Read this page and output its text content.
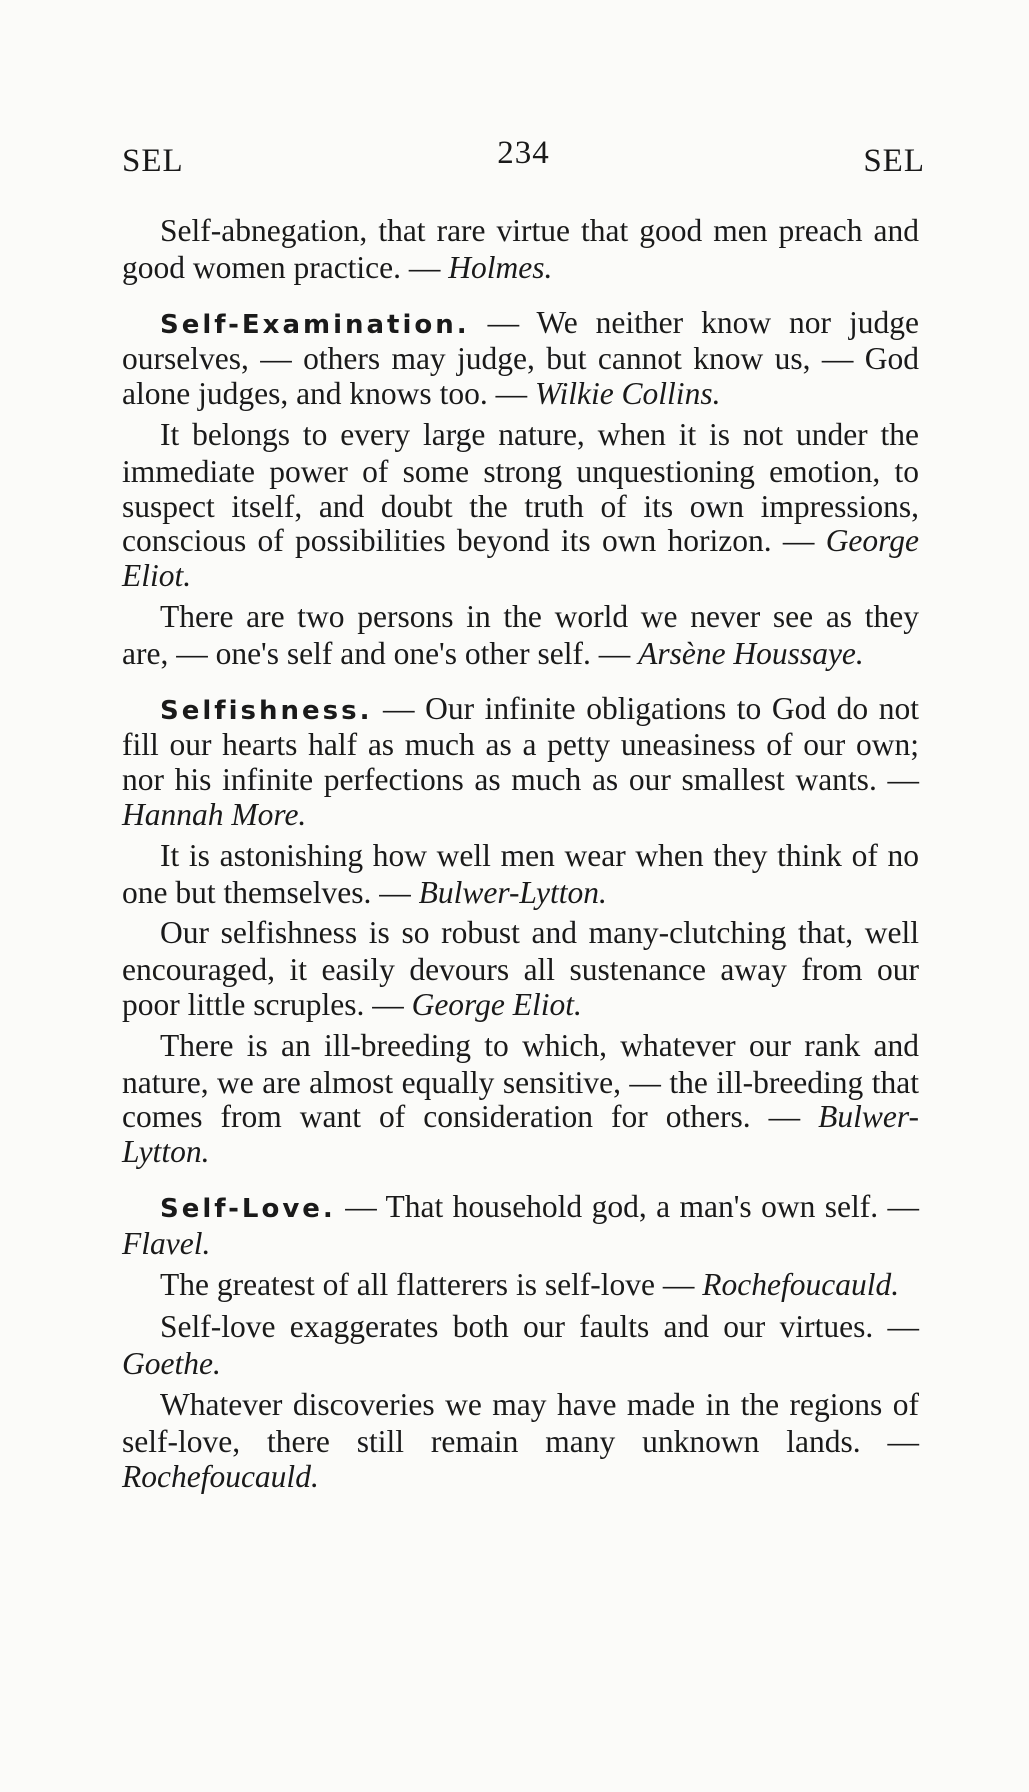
SEL	234	SEL

Self-abnegation, that rare virtue that good men preach and good women practice. — Holmes.

Self-Examination. — We neither know nor judge ourselves, — others may judge, but cannot know us, — God alone judges, and knows too. — Wilkie Collins.

It belongs to every large nature, when it is not under the immediate power of some strong unquestioning emotion, to suspect itself, and doubt the truth of its own impressions, conscious of possibilities beyond its own horizon. — George Eliot.

There are two persons in the world we never see as they are, — one's self and one's other self. — Arsène Houssaye.

Selfishness. — Our infinite obligations to God do not fill our hearts half as much as a petty uneasiness of our own; nor his infinite perfections as much as our smallest wants. — Hannah More.

It is astonishing how well men wear when they think of no one but themselves. — Bulwer-Lytton.

Our selfishness is so robust and many-clutching that, well encouraged, it easily devours all sustenance away from our poor little scruples. — George Eliot.

There is an ill-breeding to which, whatever our rank and nature, we are almost equally sensitive, — the ill-breeding that comes from want of consideration for others. — Bulwer-Lytton.

Self-Love. — That household god, a man's own self. — Flavel.

The greatest of all flatterers is self-love — Rochefoucauld.

Self-love exaggerates both our faults and our virtues. — Goethe.

Whatever discoveries we may have made in the regions of self-love, there still remain many unknown lands. — Rochefoucauld.
